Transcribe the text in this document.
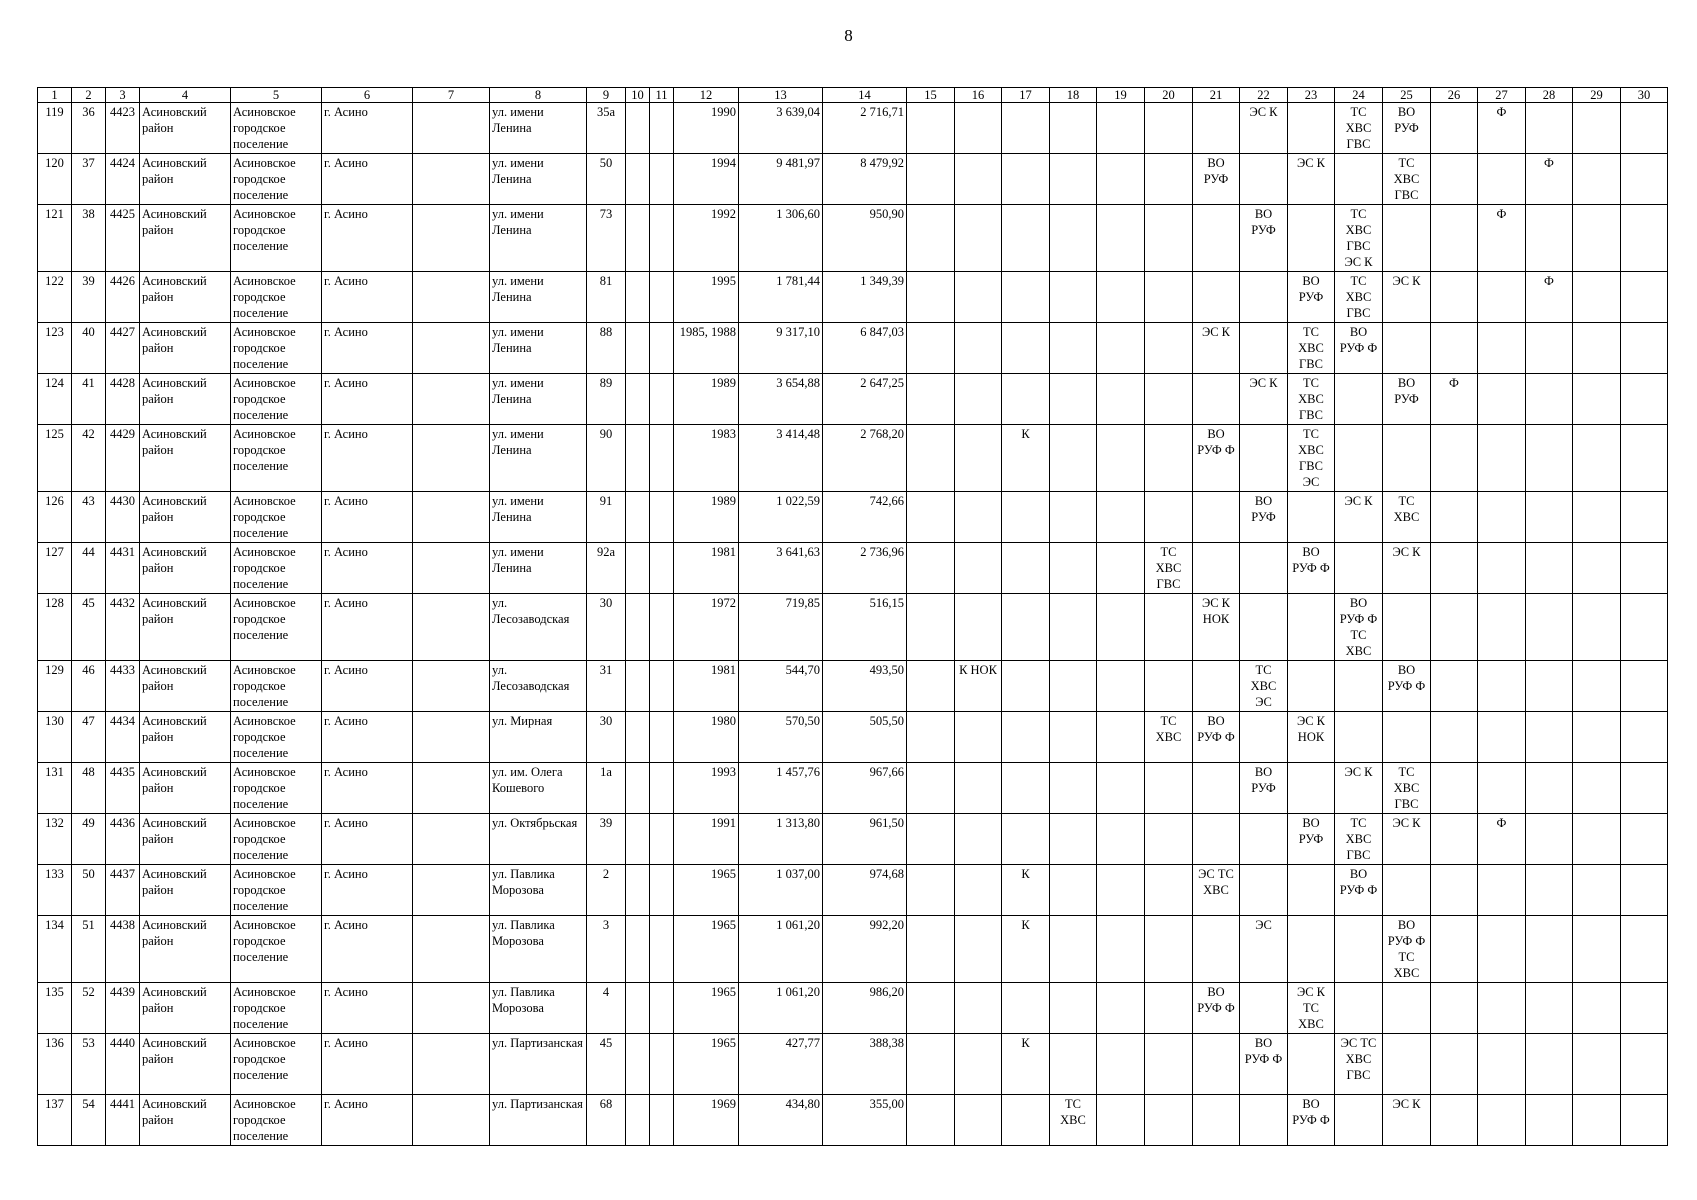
8
1	2	3	4	5	6	7	8	9	10	11	12	13	14	15	16	17	18	19	20	21	22	23	24	25	26	27	28	29	30
119	36	4423	Асиновский район	Асиновское городское поселение	г. Асино		ул. имени Ленина	35а			1990	3 639,04	2 716,71								ЭС К		ТС ХВС ГВС	ВО РУФ		Ф			
120	37	4424	Асиновский район	Асиновское городское поселение	г. Асино		ул. имени Ленина	50			1994	9 481,97	8 479,92							ВО РУФ		ЭС К		ТС ХВС ГВС			Ф		
121	38	4425	Асиновский район	Асиновское городское поселение	г. Асино		ул. имени Ленина	73			1992	1 306,60	950,90								ВО РУФ		ТС ХВС ГВС ЭС К			Ф			
122	39	4426	Асиновский район	Асиновское городское поселение	г. Асино		ул. имени Ленина	81			1995	1 781,44	1 349,39									ВО РУФ	ТС ХВС ГВС	ЭС К			Ф		
123	40	4427	Асиновский район	Асиновское городское поселение	г. Асино		ул. имени Ленина	88			1985, 1988	9 317,10	6 847,03							ЭС К		ТС ХВС ГВС	ВО РУФ Ф						
124	41	4428	Асиновский район	Асиновское городское поселение	г. Асино		ул. имени Ленина	89			1989	3 654,88	2 647,25								ЭС К	ТС ХВС ГВС		ВО РУФ	Ф				
125	42	4429	Асиновский район	Асиновское городское поселение	г. Асино		ул. имени Ленина	90			1983	3 414,48	2 768,20			К				ВО РУФ Ф		ТС ХВС ГВС ЭС							
126	43	4430	Асиновский район	Асиновское городское поселение	г. Асино		ул. имени Ленина	91			1989	1 022,59	742,66								ВО РУФ		ЭС К	ТС ХВС					
127	44	4431	Асиновский район	Асиновское городское поселение	г. Асино		ул. имени Ленина	92а			1981	3 641,63	2 736,96						ТС ХВС ГВС			ВО РУФ Ф		ЭС К					
128	45	4432	Асиновский район	Асиновское городское поселение	г. Асино		ул. Лесозаводская	30			1972	719,85	516,15							ЭС К НОК			ВО РУФ Ф ТС ХВС						
129	46	4433	Асиновский район	Асиновское городское поселение	г. Асино		ул. Лесозаводская	31			1981	544,70	493,50		К НОК						ТС ХВС ЭС			ВО РУФ Ф					
130	47	4434	Асиновский район	Асиновское городское поселение	г. Асино		ул. Мирная	30			1980	570,50	505,50						ТС ХВС	ВО РУФ Ф		ЭС К НОК							
131	48	4435	Асиновский район	Асиновское городское поселение	г. Асино		ул. им. Олега Кошевого	1а			1993	1 457,76	967,66								ВО РУФ		ЭС К	ТС ХВС ГВС					
132	49	4436	Асиновский район	Асиновское городское поселение	г. Асино		ул. Октябрьская	39			1991	1 313,80	961,50									ВО РУФ	ТС ХВС ГВС	ЭС К		Ф			
133	50	4437	Асиновский район	Асиновское городское поселение	г. Асино		ул. Павлика Морозова	2			1965	1 037,00	974,68			К				ЭС ТС ХВС			ВО РУФ Ф						
134	51	4438	Асиновский район	Асиновское городское поселение	г. Асино		ул. Павлика Морозова	3			1965	1 061,20	992,20			К					ЭС			ВО РУФ Ф ТС ХВС					
135	52	4439	Асиновский район	Асиновское городское поселение	г. Асино		ул. Павлика Морозова	4			1965	1 061,20	986,20							ВО РУФ Ф		ЭС К ТС ХВС							
136	53	4440	Асиновский район	Асиновское городское поселение	г. Асино		ул. Партизанская	45			1965	427,77	388,38			К					ВО РУФ Ф		ЭС ТС ХВС ГВС						
137	54	4441	Асиновский район	Асиновское городское поселение	г. Асино		ул. Партизанская	68			1969	434,80	355,00				ТС ХВС					ВО РУФ Ф		ЭС К					
